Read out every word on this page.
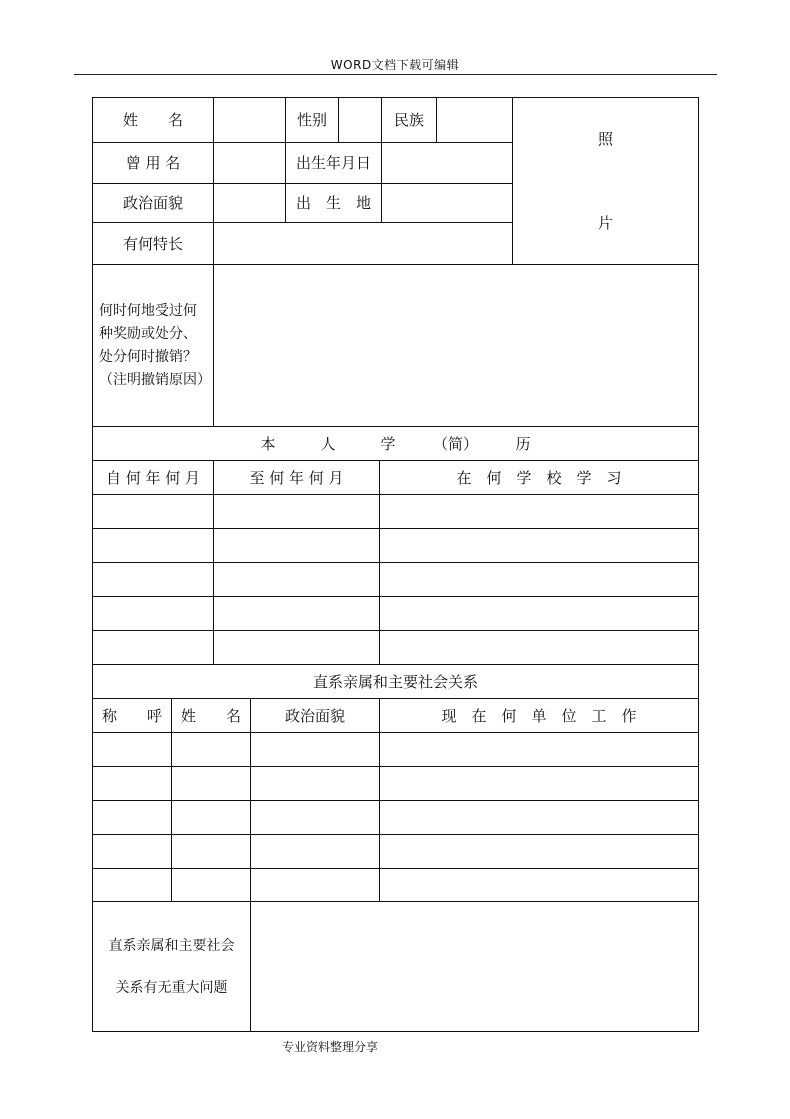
WORD文档下载可编辑
姓　　名	性别	民族
照
片
曾 用 名	出生年月日
政治面貌	出　生　地
有何特长
何时何地受过何种奖励或处分、处分何时撤销？（注明撤销原因）
本　　　人　　　学　　　（简）　　　历
自 何 年 何 月	至 何 年 何 月	在　何　学　校　学　习
直系亲属和主要社会关系
称　　呼	姓　　名	政治面貌	现　在　何　单　位　工　作
直系亲属和主要社会
关系有无重大问题
专业资料整理分享
